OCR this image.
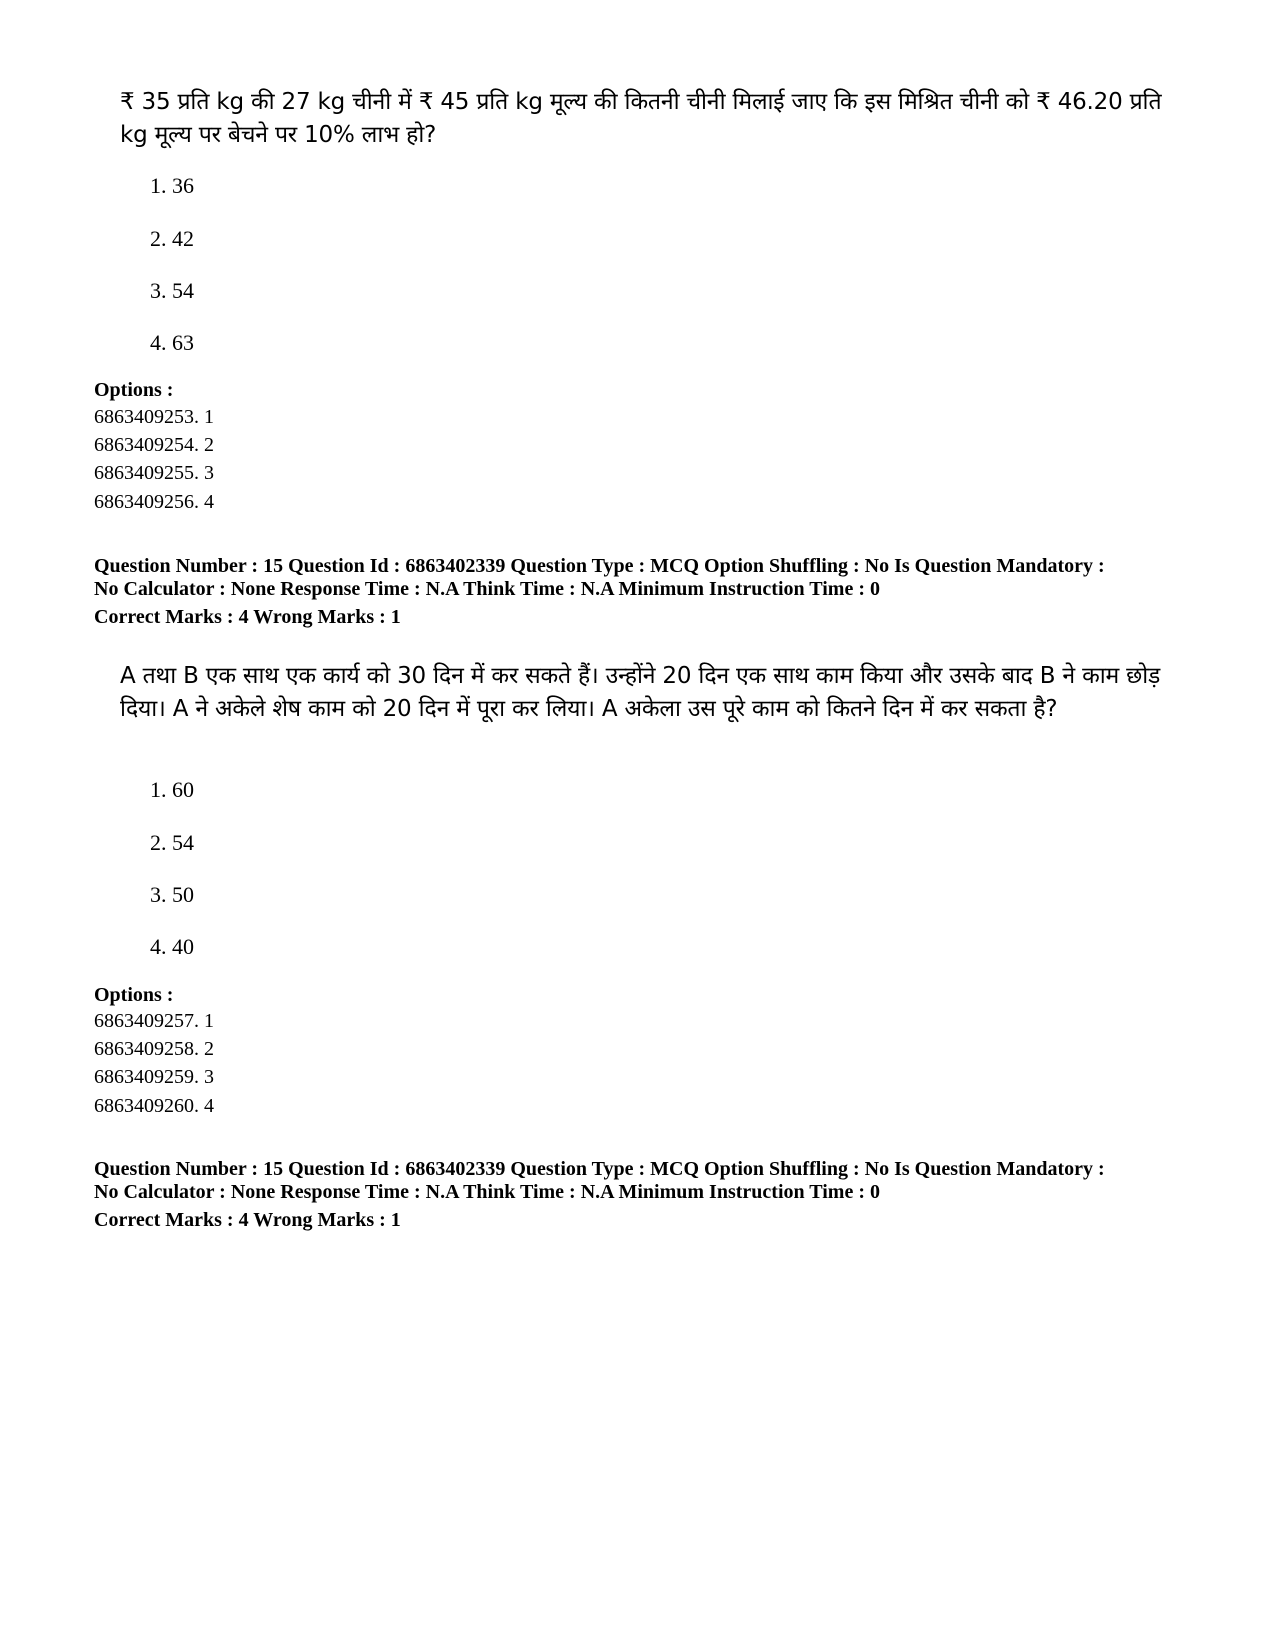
₹ 35 प्रति kg की 27 kg चीनी में ₹ 45 प्रति kg मूल्य की कितनी चीनी मिलाई जाए कि इस मिश्रित चीनी को ₹ 46.20 प्रति kg मूल्य पर बेचने पर 10% लाभ हो?
1. 36
2. 42
3. 54
4. 63
Options :
6863409253. 1
6863409254. 2
6863409255. 3
6863409256. 4
Question Number : 15 Question Id : 6863402339 Question Type : MCQ Option Shuffling : No Is Question Mandatory :
No Calculator : None Response Time : N.A Think Time : N.A Minimum Instruction Time : 0
Correct Marks : 4 Wrong Marks : 1
A तथा B एक साथ एक कार्य को 30 दिन में कर सकते हैं। उन्होंने 20 दिन एक साथ काम किया और उसके बाद B ने काम छोड़ दिया। A ने अकेले शेष काम को 20 दिन में पूरा कर लिया। A अकेला उस पूरे काम को कितने दिन में कर सकता है?
1. 60
2. 54
3. 50
4. 40
Options :
6863409257. 1
6863409258. 2
6863409259. 3
6863409260. 4
Question Number : 15 Question Id : 6863402339 Question Type : MCQ Option Shuffling : No Is Question Mandatory :
No Calculator : None Response Time : N.A Think Time : N.A Minimum Instruction Time : 0
Correct Marks : 4 Wrong Marks : 1
